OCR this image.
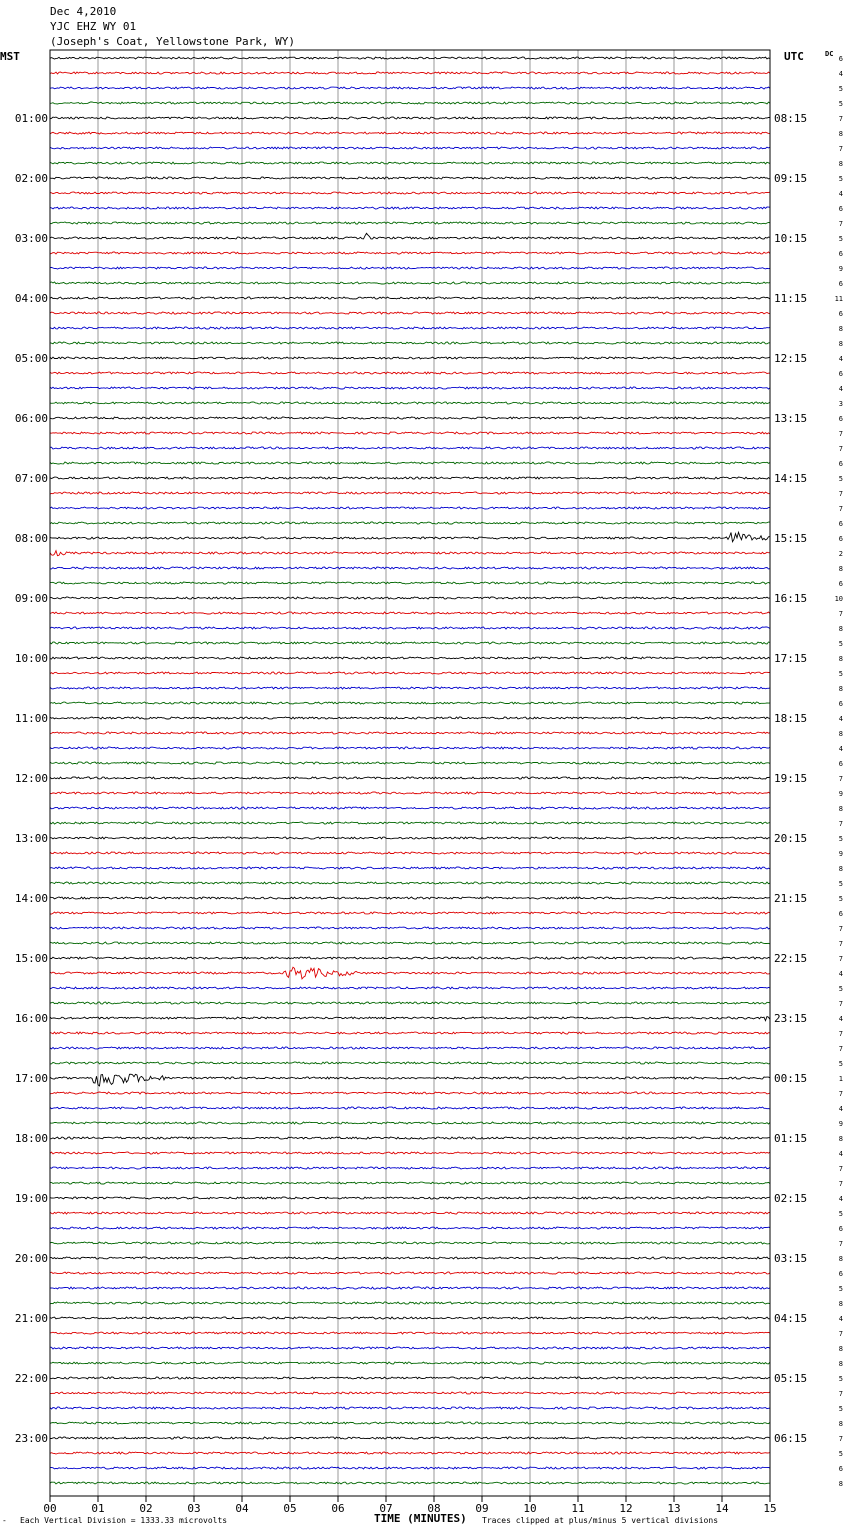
Dec 4,2010
YJC EHZ WY 01
(Joseph's Coat, Yellowstone Park, WY)
MST	UTC	DC
6
4
5
5
7
8
7
8
5
4
6
7
5
6
9
6
11
6
8
8
4
6
4
3
6
7
7
6
5
7
7
6
6
2
8
6
10
7
8
5
8
5
8
6
4
8
4
6
7
9
8
7
5
9
8
5
5
6
7
7
7
4
5
7
4
7
7
5
1
7
4
9
8
4
7
7
4
5
6
7
8
6
5
8
4
7
8
8
5
7
5
8
7
5
6
8
01:00	08:15
02:00	09:15
03:00	10:15
04:00	11:15
05:00	12:15
06:00	13:15
07:00	14:15
08:00	15:15
09:00	16:15
10:00	17:15
11:00	18:15
12:00	19:15
13:00	20:15
14:00	21:15
15:00	22:15
16:00	23:15
17:00	00:15
18:00	01:15
19:00	02:15
20:00	03:15
21:00	04:15
22:00	05:15
23:00	06:15
00	01	02	03	04	05	06	07	08	09	10	11	12	13	14	15
- Each Vertical Division = 1333.33 microvolts	TIME (MINUTES) Traces clipped at plus/minus 5 vertical divisions
